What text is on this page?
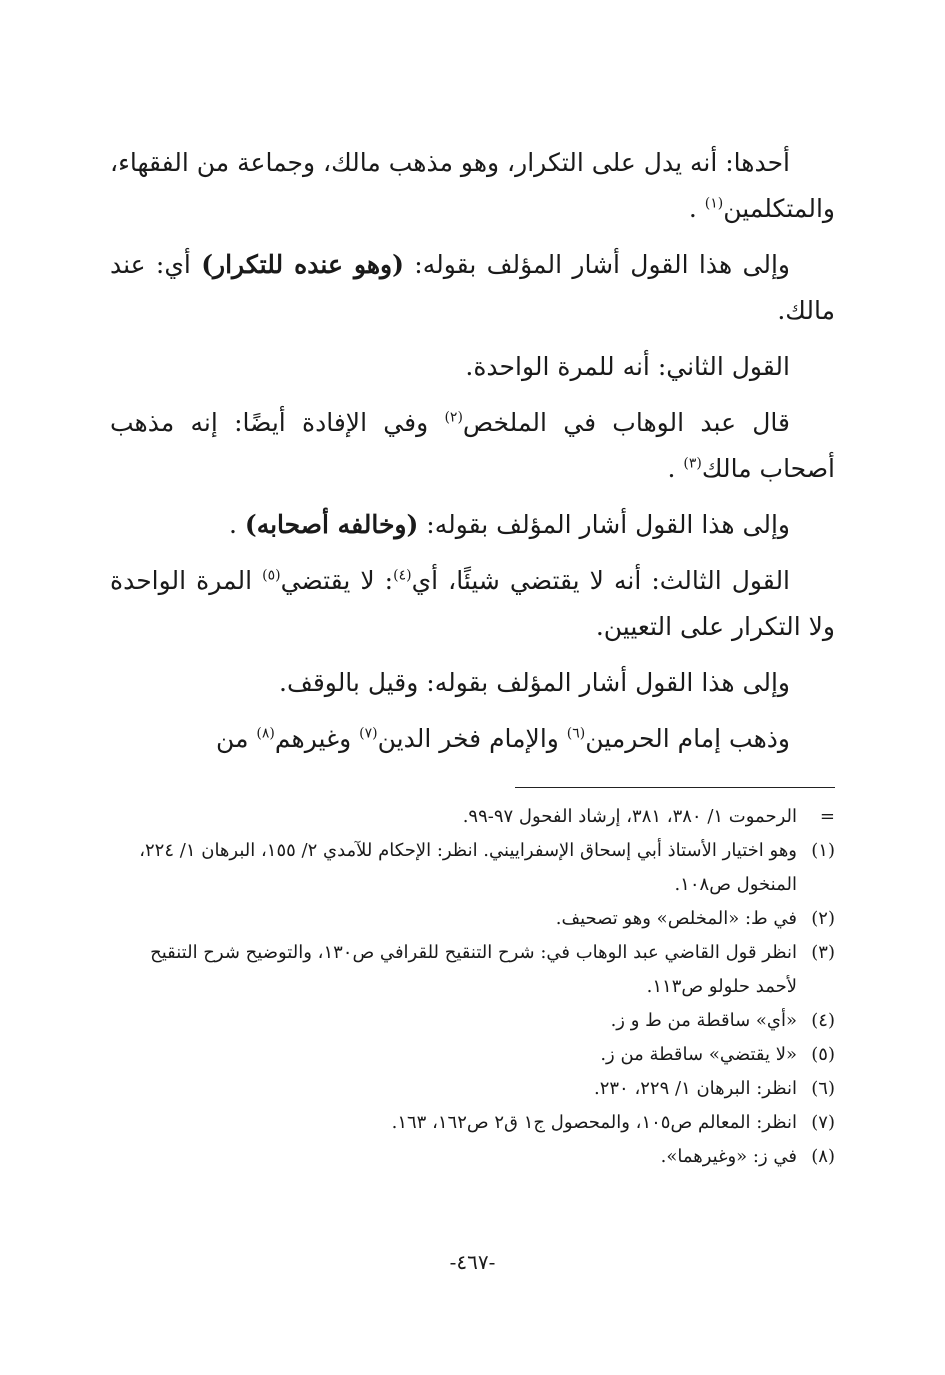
أحدها: أنه يدل على التكرار، وهو مذهب مالك، وجماعة من الفقهاء، والمتكلمين$^{(١)}$ .

وإلى هذا القول أشار المؤلف بقوله: (وهو عنده للتكرار) أي: عند مالك.

القول الثاني: أنه للمرة الواحدة.

قال عبد الوهاب في الملخص$^{(٢)}$ وفي الإفادة أيضًا: إنه مذهب أصحاب مالك$^{(٣)}$ .

وإلى هذا القول أشار المؤلف بقوله: (وخالفه أصحابه) .

القول الثالث: أنه لا يقتضي شيئًا، أي$^{(٤)}$: لا يقتضي$^{(٥)}$ المرة الواحدة ولا التكرار على التعيين.

وإلى هذا القول أشار المؤلف بقوله: وقيل بالوقف.

وذهب إمام الحرمين$^{(٦)}$ والإمام فخر الدين$^{(٧)}$ وغيرهم$^{(٨)}$ من

=
الرحموت ١/ ٣٨٠، ٣٨١، إرشاد الفحول ٩٧-٩٩.
(١)
وهو اختيار الأستاذ أبي إسحاق الإسفراييني. انظر: الإحكام للآمدي ٢/ ١٥٥، البرهان ١/ ٢٢٤، المنخول ص١٠٨.
(٢)
في ط: «المخلص» وهو تصحيف.
(٣)
انظر قول القاضي عبد الوهاب في: شرح التنقيح للقرافي ص١٣٠، والتوضيح شرح التنقيح لأحمد حلولو ص١١٣.
(٤)
«أي» ساقطة من ط و ز.
(٥)
«لا يقتضي» ساقطة من ز.
(٦)
انظر: البرهان ١/ ٢٢٩، ٢٣٠.
(٧)
انظر: المعالم ص١٠٥، والمحصول ج١ ق٢ ص١٦٢، ١٦٣.
(٨)
في ز: «وغيرهما».
-٤٦٧-
